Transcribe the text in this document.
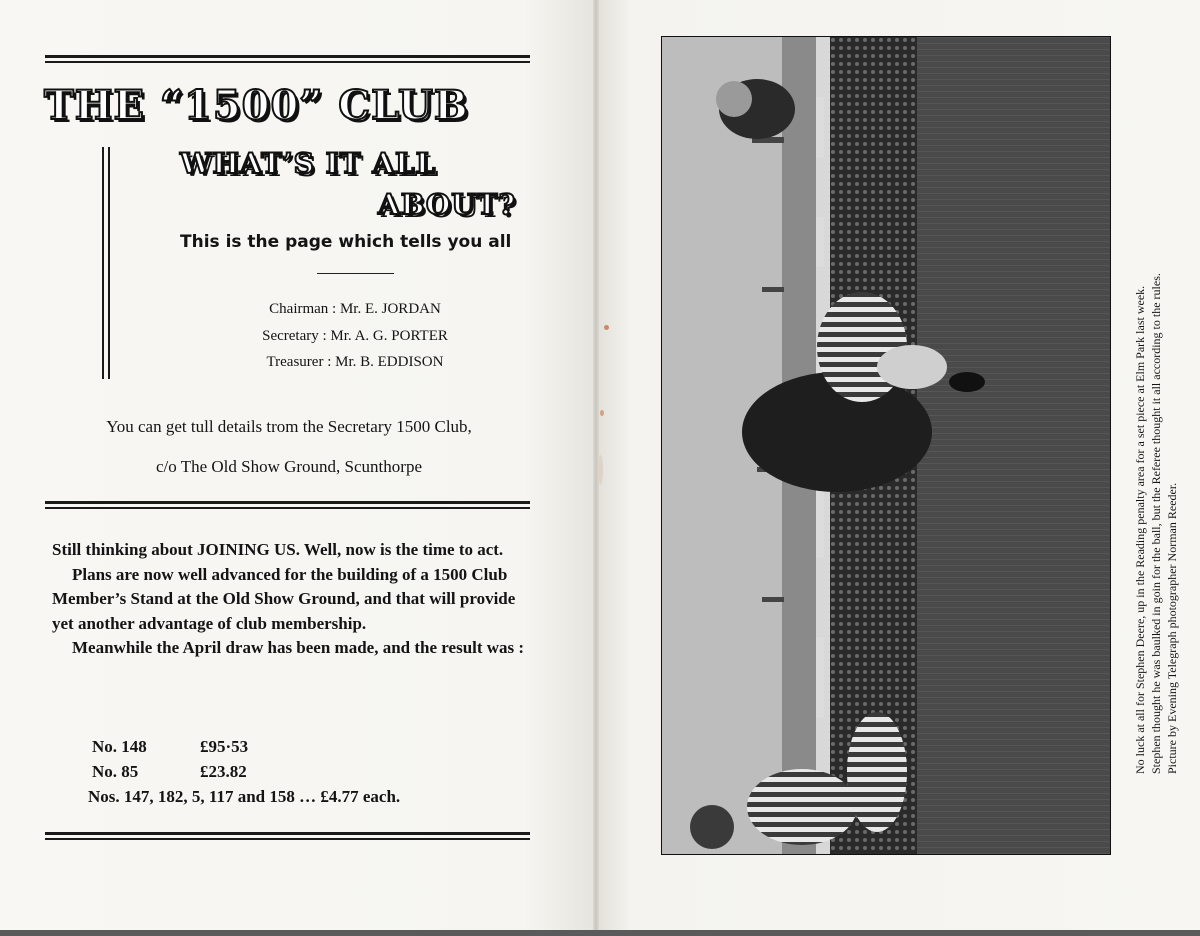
THE “1500” CLUB
WHAT’S IT ALL
ABOUT?
This is the page which tells you all
Chairman : Mr. E. JORDAN
Secretary : Mr. A. G. PORTER
Treasurer : Mr. B. EDDISON
You can get tull details trom the Secretary 1500 Club,
c/o The Old Show Ground, Scunthorpe

Still thinking about JOINING US. Well, now is the time to act.

Plans are now well advanced for the building of a 1500 Club Member’s Stand at the Old Show Ground, and that will provide yet another advantage of club membership.

Meanwhile the April draw has been made, and the result was :

No. 148	£95·53
No. 85	£23.82
Nos. 147, 182, 5, 117 and 158 … £4.77 each.
No luck at all for Stephen Deere, up in the Reading penalty area for a set piece at Elm Park last week. Stephen thought he was baulked in goin for the ball, but the Referee thought it all according to the rules. Picture by Evening Telegraph photographer Norman Reeder.
